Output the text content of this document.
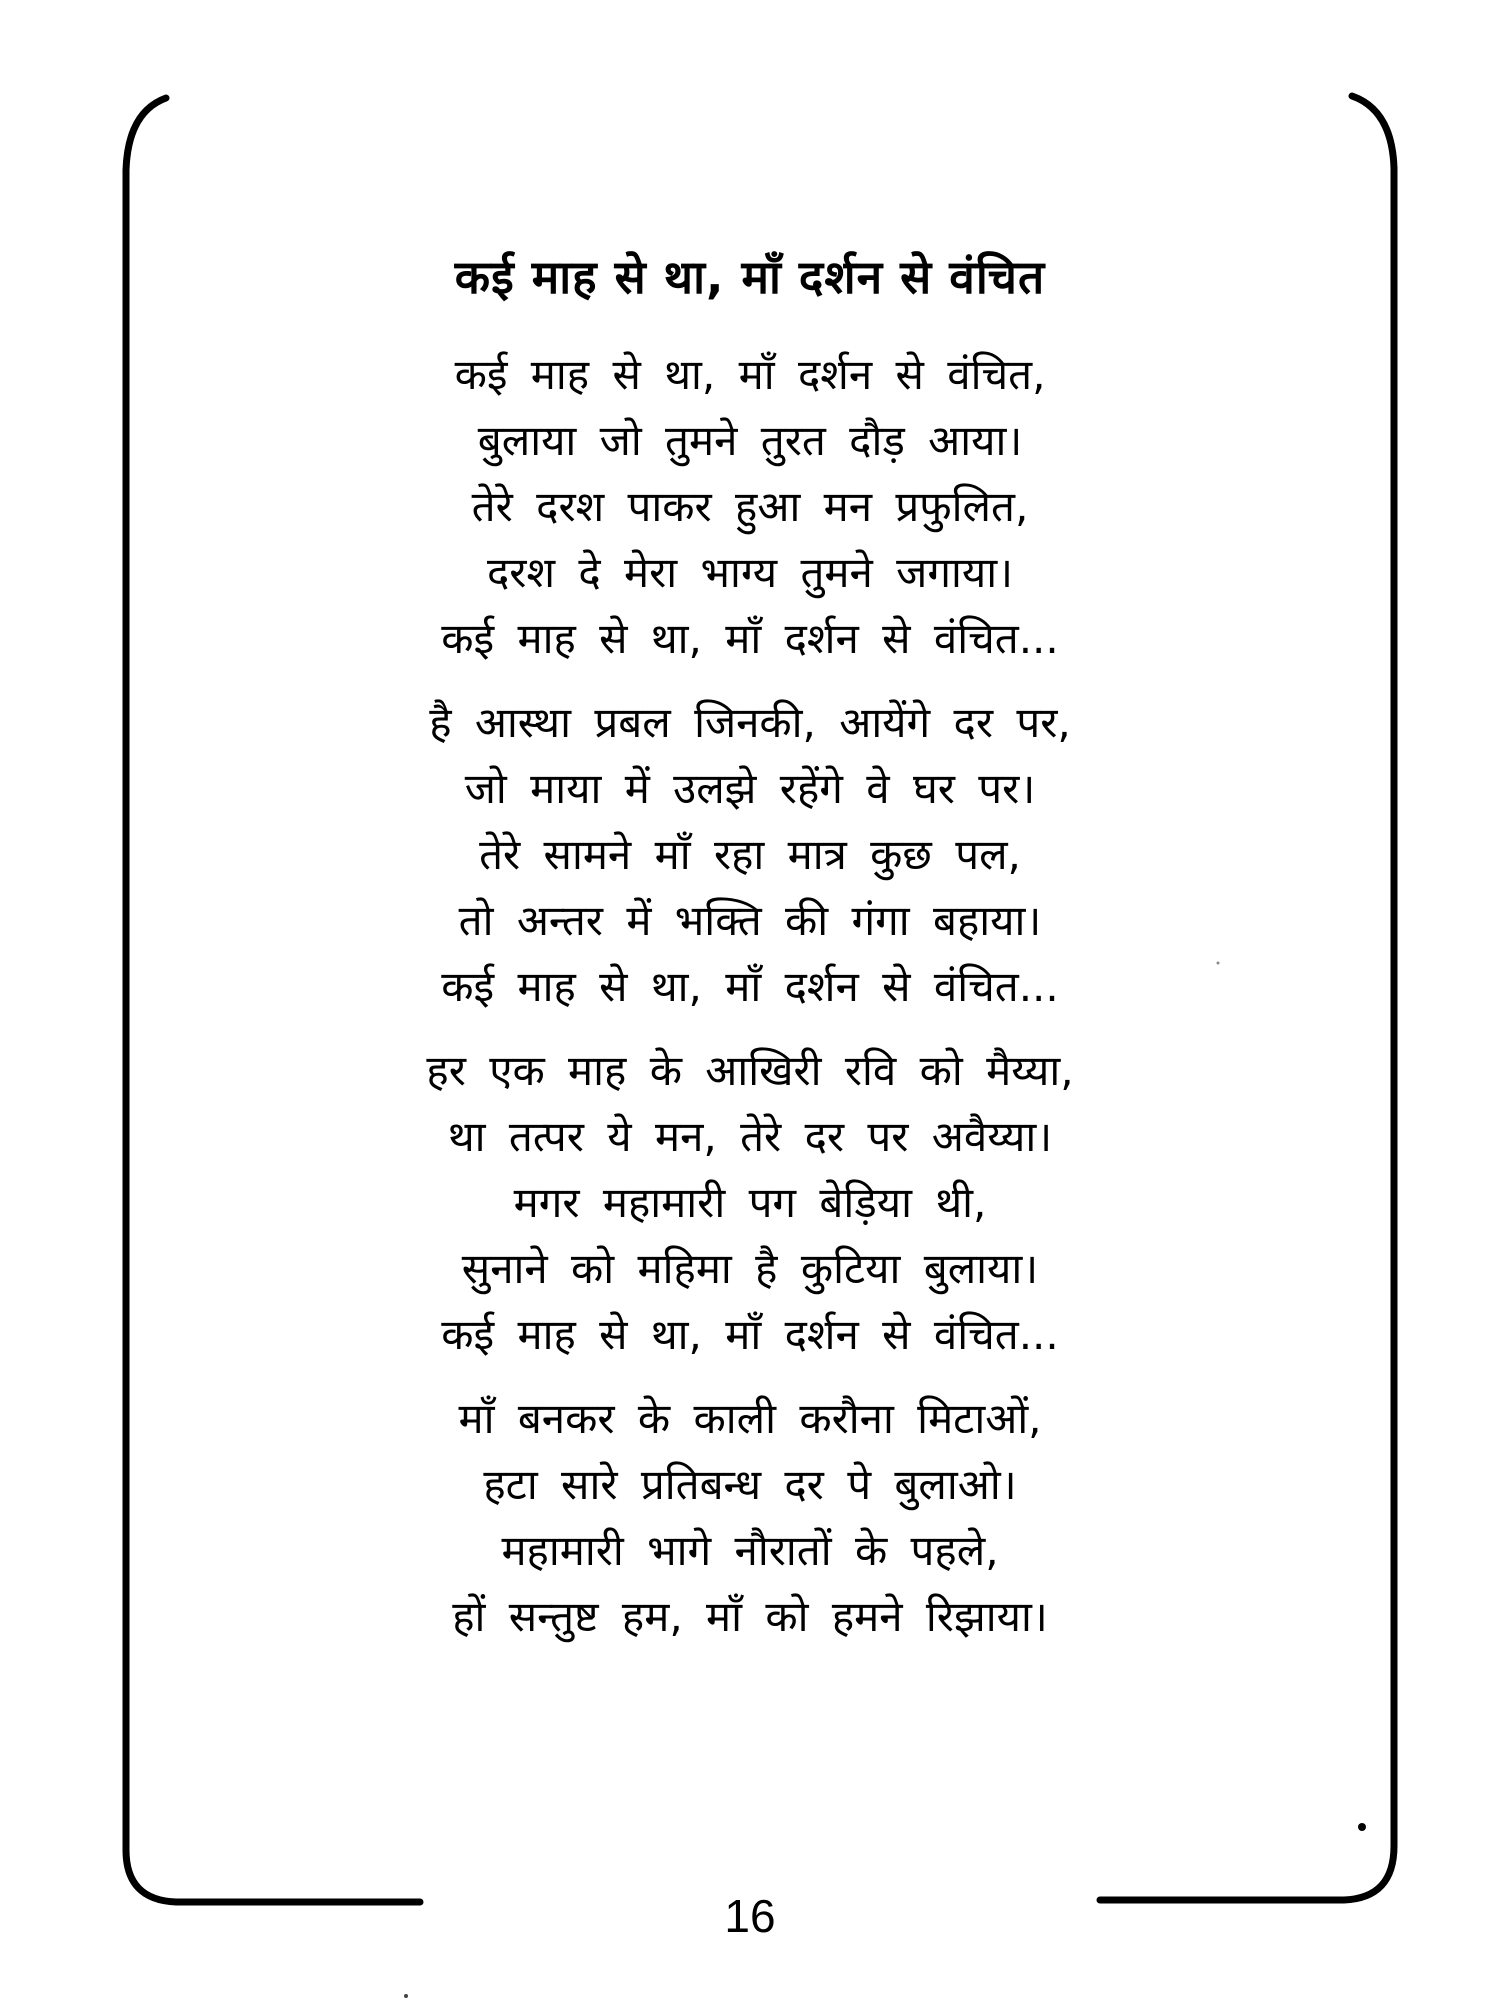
कई माह से था, माँ दर्शन से वंचित
कई माह से था, माँ दर्शन से वंचित,
बुलाया जो तुमने तुरत दौड़ आया।
तेरे दरश पाकर हुआ मन प्रफुलित,
दरश दे मेरा भाग्य तुमने जगाया।
कई माह से था, माँ दर्शन से वंचित...
है आस्था प्रबल जिनकी, आयेंगे दर पर,
जो माया में उलझे रहेंगे वे घर पर।
तेरे सामने माँ रहा मात्र कुछ पल,
तो अन्तर में भक्ति की गंगा बहाया।
कई माह से था, माँ दर्शन से वंचित...
हर एक माह के आखिरी रवि को मैय्या,
था तत्पर ये मन, तेरे दर पर अवैय्या।
मगर महामारी पग बेड़िया थी,
सुनाने को महिमा है कुटिया बुलाया।
कई माह से था, माँ दर्शन से वंचित...
माँ बनकर के काली करौना मिटाओं,
हटा सारे प्रतिबन्ध दर पे बुलाओ।
महामारी भागे नौरातों के पहले,
हों सन्तुष्ट हम, माँ को हमने रिझाया।
16
